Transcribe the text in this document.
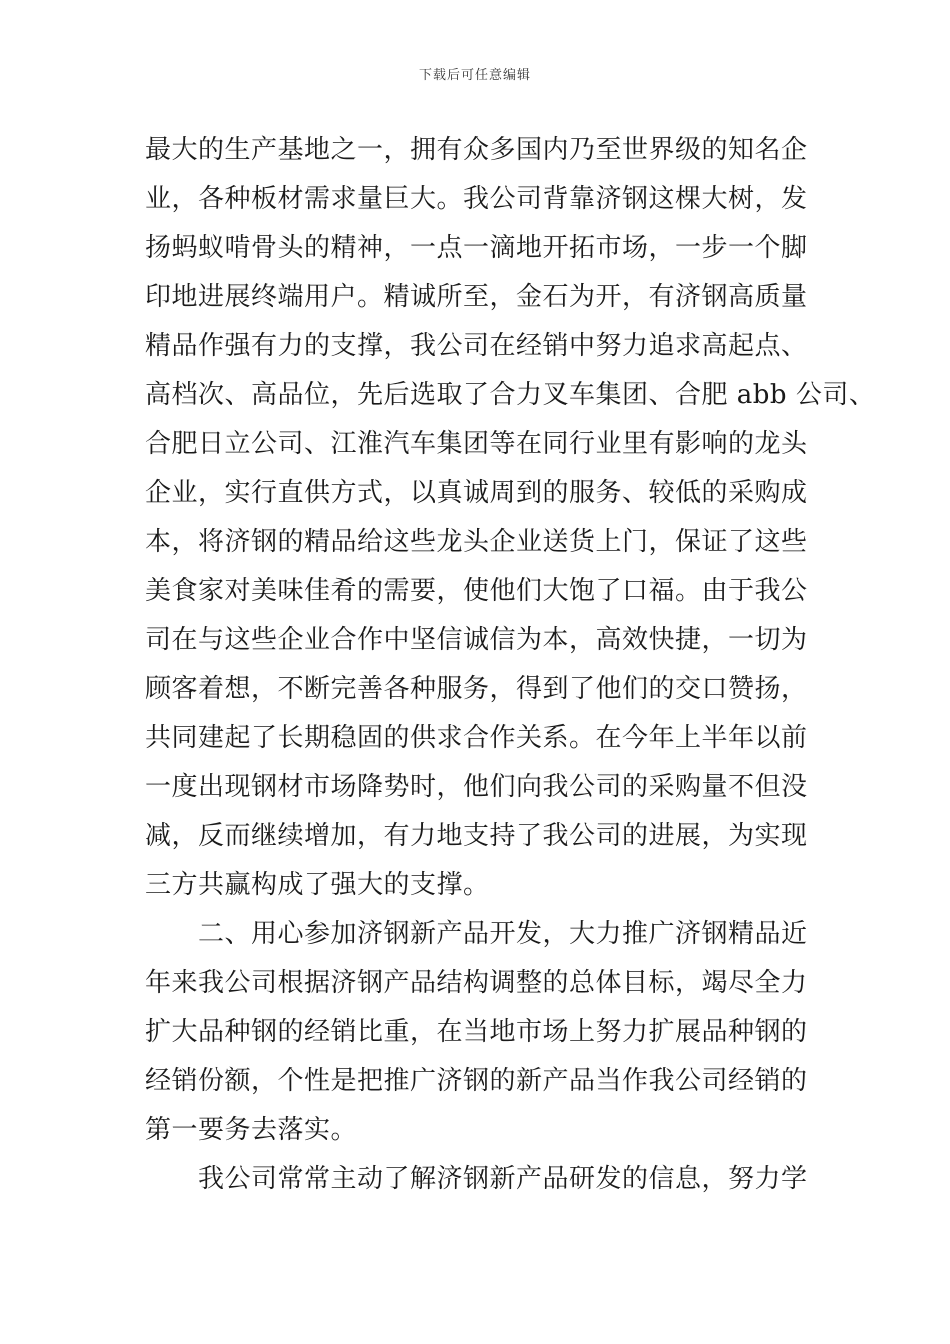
下载后可任意编辑
最大的生产基地之一，拥有众多国内乃至世界级的知名企
业，各种板材需求量巨大。我公司背靠济钢这棵大树，发
扬蚂蚁啃骨头的精神，一点一滴地开拓市场，一步一个脚
印地进展终端用户。精诚所至，金石为开，有济钢高质量
精品作强有力的支撑，我公司在经销中努力追求高起点、
高档次、高品位，先后选取了合力叉车集团、合肥 abb 公司、
合肥日立公司、江淮汽车集团等在同行业里有影响的龙头
企业，实行直供方式，以真诚周到的服务、较低的采购成
本，将济钢的精品给这些龙头企业送货上门，保证了这些
美食家对美味佳肴的需要，使他们大饱了口福。由于我公
司在与这些企业合作中坚信诚信为本，高效快捷，一切为
顾客着想，不断完善各种服务，得到了他们的交口赞扬，
共同建起了长期稳固的供求合作关系。在今年上半年以前
一度出现钢材市场降势时，他们向我公司的采购量不但没
减，反而继续增加，有力地支持了我公司的进展，为实现
三方共赢构成了强大的支撑。
　　二、用心参加济钢新产品开发，大力推广济钢精品近
年来我公司根据济钢产品结构调整的总体目标，竭尽全力
扩大品种钢的经销比重，在当地市场上努力扩展品种钢的
经销份额，个性是把推广济钢的新产品当作我公司经销的
第一要务去落实。
　　我公司常常主动了解济钢新产品研发的信息，努力学
